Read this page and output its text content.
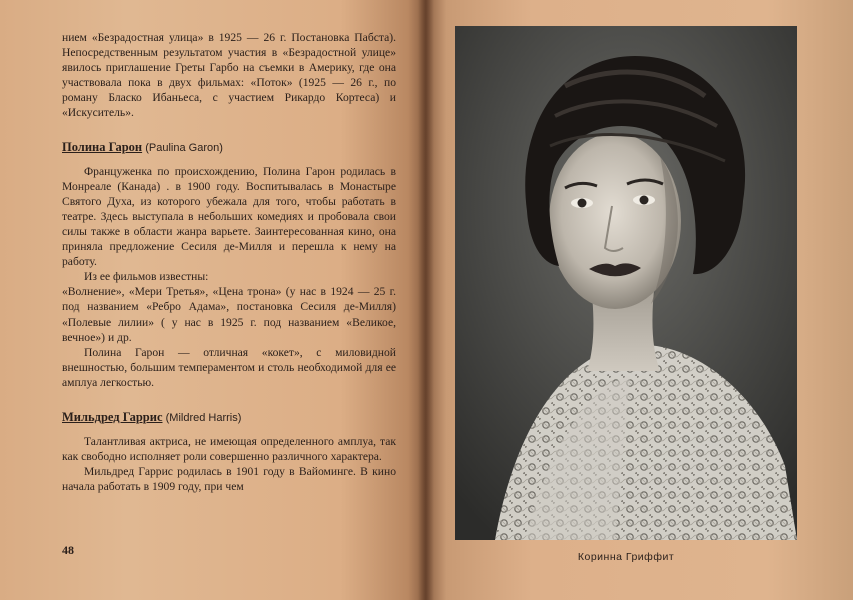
нием «Безрадостная улица» в 1925 — 26 г. Постановка Пабста). Непосредственным результатом участия в «Безрадостной улице» явилось приглашение Греты Гарбо на съемки в Америку, где она участвовала пока в двух фильмах: «Поток» (1925 — 26 г., по роману Бласко Ибаньеса, с участием Рикардо Кортеса) и «Искуситель».

Полина Гарон (Paulina Garon)

Француженка по происхождению, Полина Гарон родилась в Монреале (Канада) . в 1900 году. Воспитывалась в Монастыре Святого Духа, из которого убежала для того, чтобы работать в театре. Здесь выступала в небольших комедиях и пробовала свои силы также в области жанра варьете. Заинтересованная кино, она приняла предложение Сесиля де-Милля и перешла к нему на работу.

Из ее фильмов известны:

«Волнение», «Мери Третья», «Цена трона» (у нас в 1924 — 25 г. под названием «Ребро Адама», постановка Сесиля де-Милля) «Полевые лилии» ( у нас в 1925 г. под названием «Великое, вечное») и др.

Полина Гарон — отличная «кокет», с миловидной внешностью, большим темпераментом и столь необходимой для ее амплуа легкостью.

Мильдред Гаррис (Mildred Harris)

Талантливая актриса, не имеющая определенного амплуа, так как свободно исполняет роли совершенно различного характера.

Мильдред Гаррис родилась в 1901 году в Вайоминге. В кино начала работать в 1909 году, при чем

48	Коринна Гриффит
